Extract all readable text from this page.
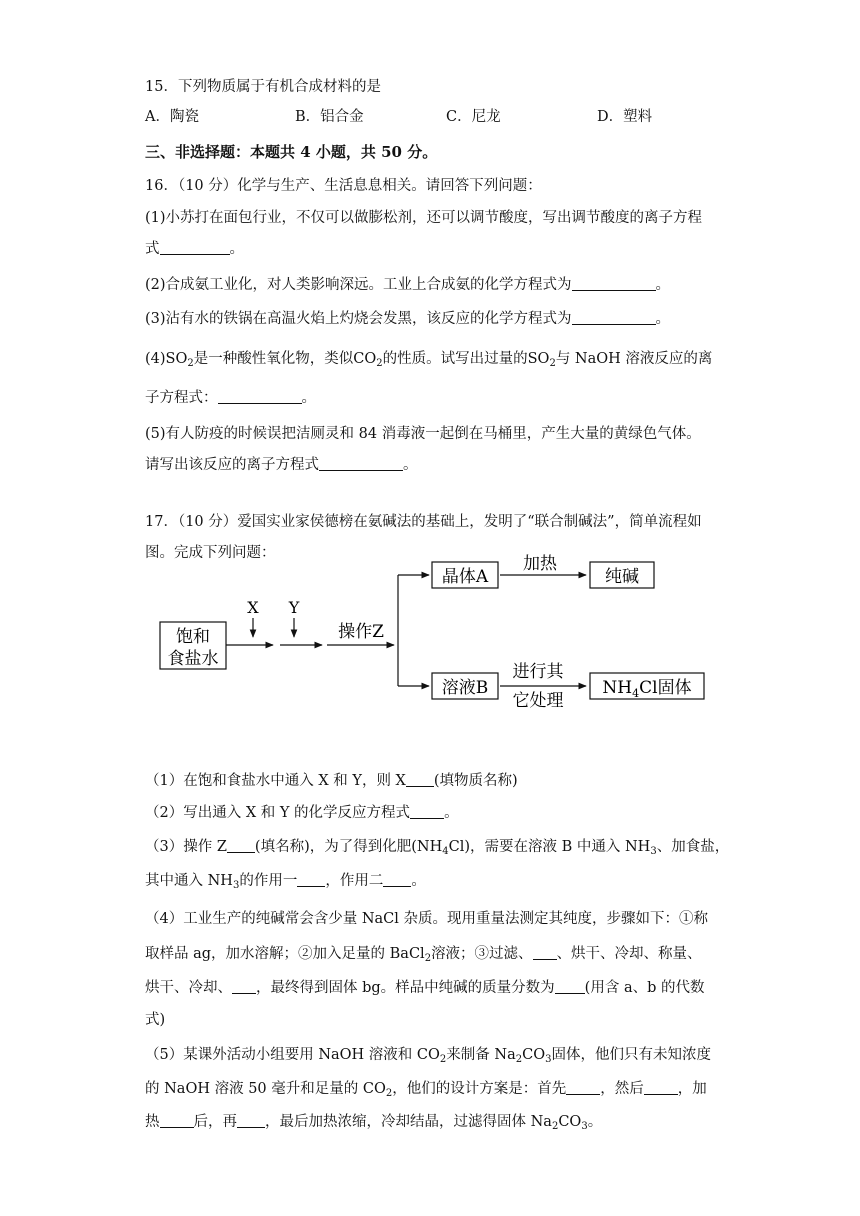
15．下列物质属于有机合成材料的是
A．陶瓷	B．铝合金	C．尼龙	D．塑料
三、非选择题：本题共 4 小题，共 50 分。
16．（10 分）化学与生产、生活息息相关。请回答下列问题：
(1)小苏打在面包行业，不仅可以做膨松剂，还可以调节酸度，写出调节酸度的离子方程
式	。
(2)合成氨工业化，对人类影响深远。工业上合成氨的化学方程式为	。
(3)沾有水的铁锅在高温火焰上灼烧会发黑，该反应的化学方程式为	。
$(4)SO_2$是一种酸性氧化物，类似$CO_2$的性质。试写出过量的$SO_2$与 NaOH 溶液反应的离
子方程式：	。
(5)有人防疫的时候误把洁厕灵和 84 消毒液一起倒在马桶里，产生大量的黄绿色气体。
请写出该反应的离子方程式	。
17．（10 分）爱国实业家侯德榜在氨碱法的基础上，发明了“联合制碱法”，简单流程如
图。完成下列问题：
饱和
食盐水
X Y
操作Z
晶体A
加热
纯碱
溶液B
进行其
它处理
$NH_4Cl$固体
（1）在饱和食盐水中通入 X 和 Y，则 X (填物质名称)
（2）写出通入 X 和 Y 的化学反应方程式 。
（3）操作 Z (填名称)，为了得到化肥$(NH_4Cl)$，需要在溶液 B 中通入 $NH_3$、加食盐，
其中通入 $NH_3$的作用一 ，作用二 。
（4）工业生产的纯碱常会含少量 NaCl 杂质。现用重量法测定其纯度，步骤如下：①称
取样品 ag，加水溶解；②加入足量的 BaCl$_2$溶液；③过滤、 、烘干、冷却、称量、
烘干、冷却、 ，最终得到固体 bg。样品中纯碱的质量分数为 (用含 a、b 的代数
式)
（5）某课外活动小组要用 NaOH 溶液和 $CO_2$来制备 $Na_2CO_3$固体，他们只有未知浓度
的 NaOH 溶液 50 毫升和足量的 $CO_2$，他们的设计方案是：首先 ，然后 ，加
热 后，再 ，最后加热浓缩，冷却结晶，过滤得固体 $Na_2CO_3$。
